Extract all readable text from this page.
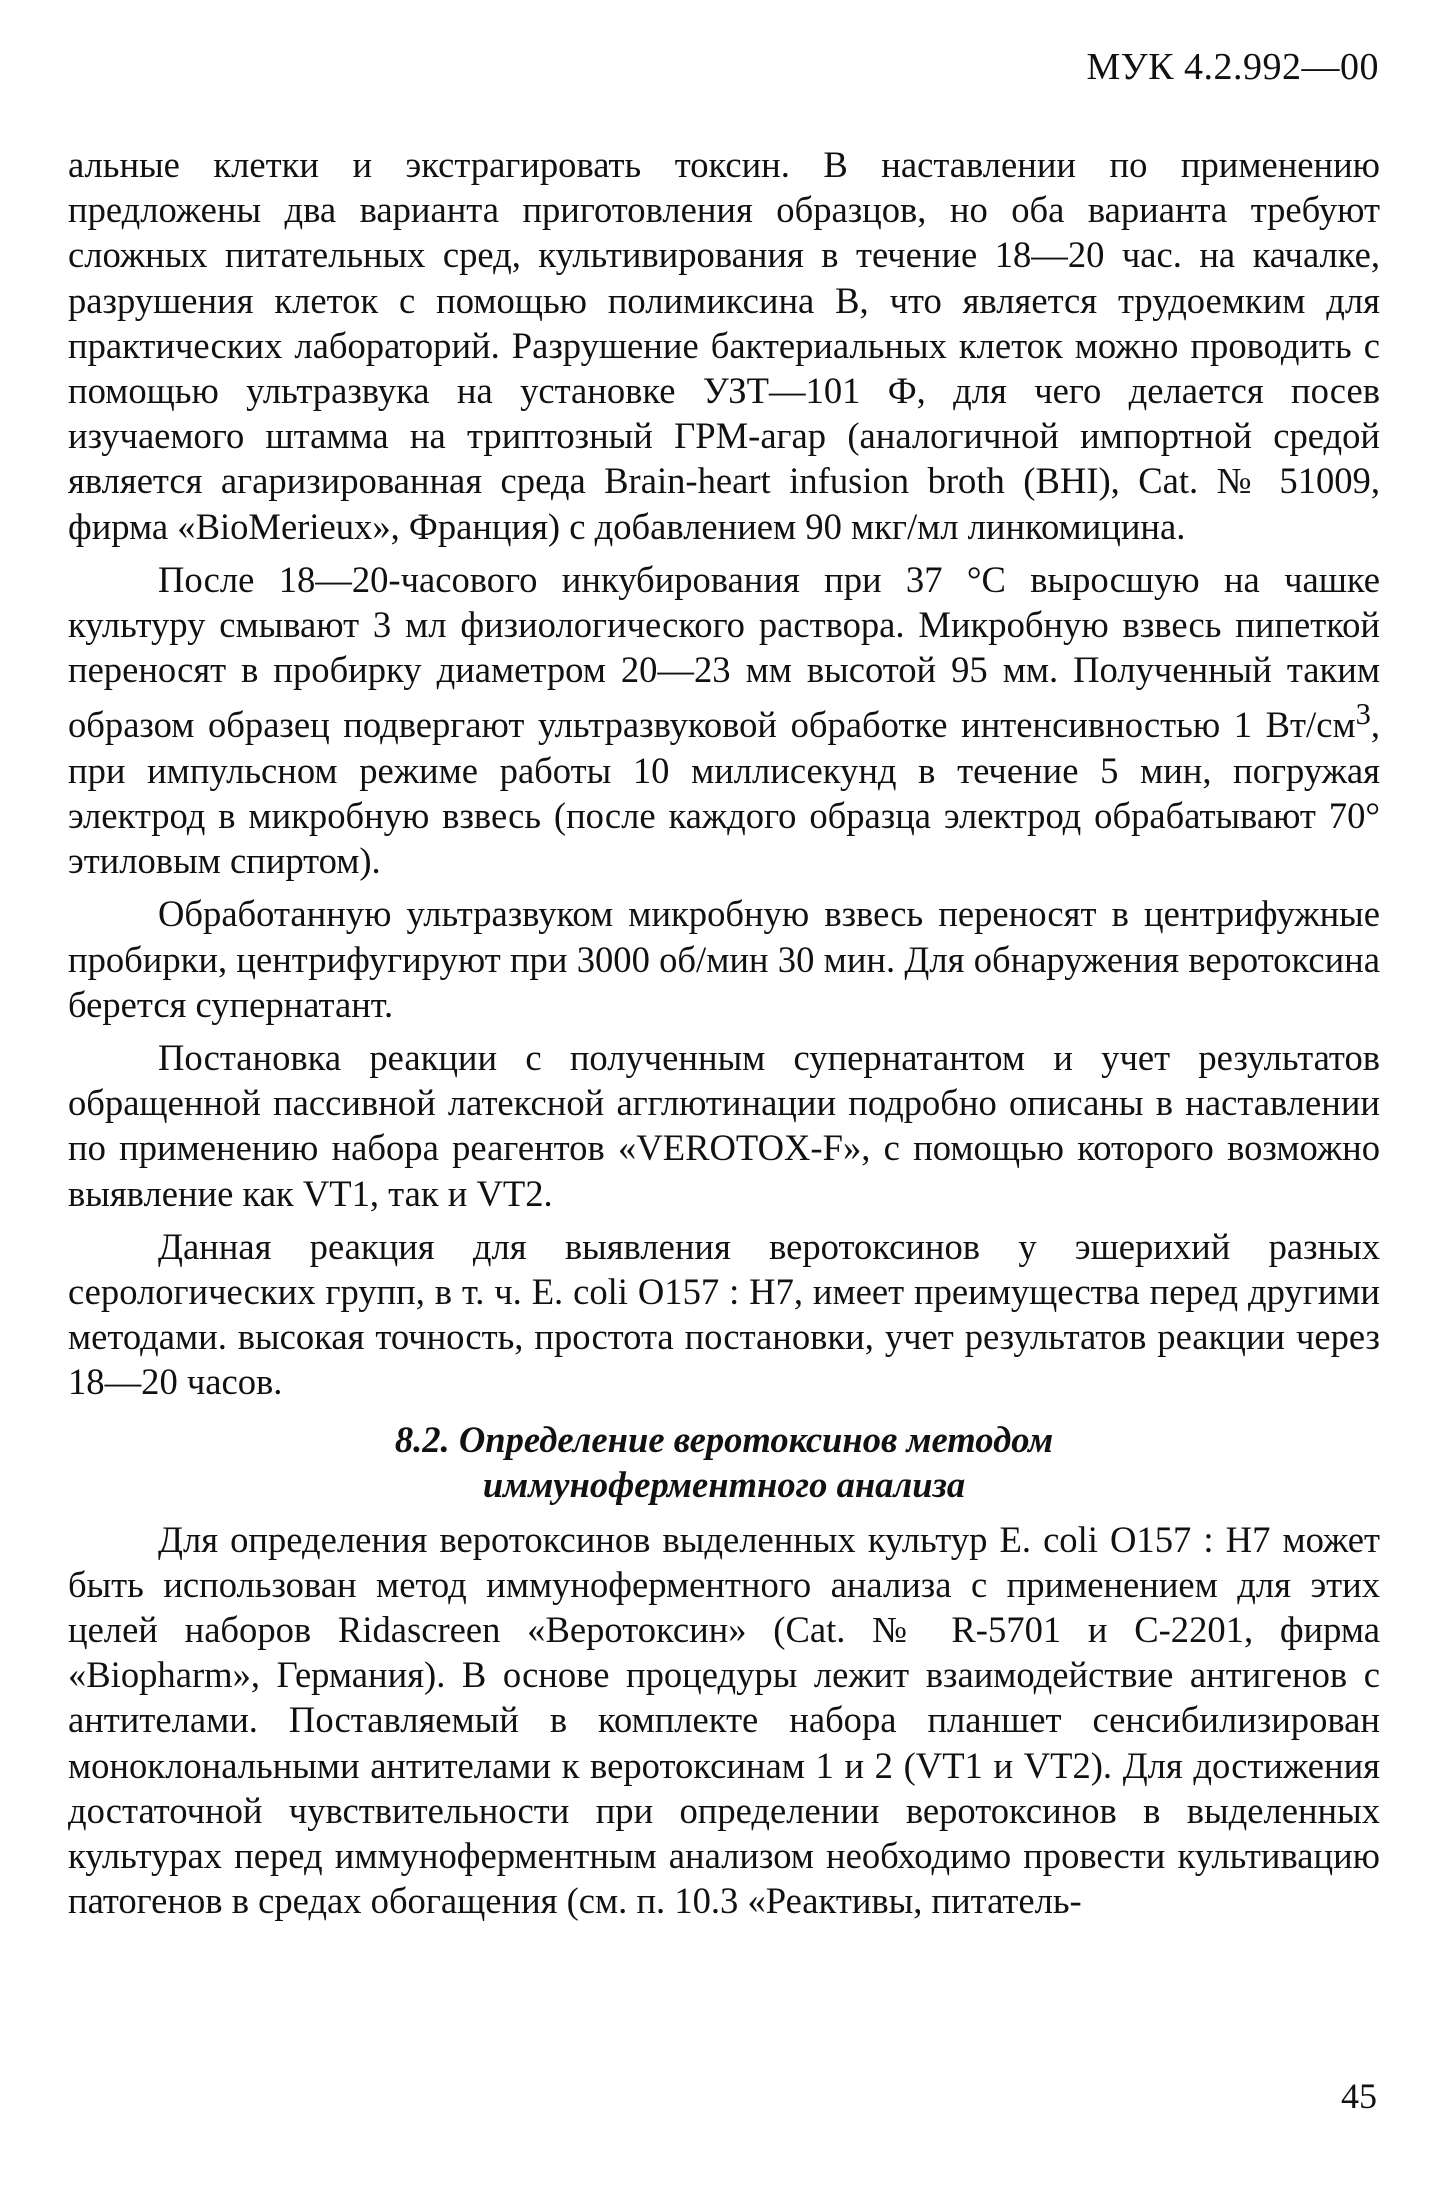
МУК 4.2.992—00

альные клетки и экстрагировать токсин. В наставлении по применению предложены два варианта приготовления образцов, но оба варианта требуют сложных питательных сред, культивирования в течение 18—20 час. на качалке, разрушения клеток с помощью полимиксина В, что является трудоемким для практических лабораторий. Разрушение бактериальных клеток можно проводить с помощью ультразвука на установке УЗТ—101 Ф, для чего делается посев изучаемого штамма на триптозный ГРМ-агар (аналогичной импортной средой является агаризированная среда Brain-heart infusion broth (BHI), Cat. № 51009, фирма «BioMerieux», Франция) с добавлением 90 мкг/мл линкомицина.

После 18—20-часового инкубирования при 37 °С выросшую на чашке культуру смывают 3 мл физиологического раствора. Микробную взвесь пипеткой переносят в пробирку диаметром 20—23 мм высотой 95 мм. Полученный таким образом образец подвергают ультразвуковой обработке интенсивностью 1 $Вт/см^3$, при импульсном режиме работы 10 миллисекунд в течение 5 мин, погружая электрод в микробную взвесь (после каждого образца электрод обрабатывают 70° этиловым спиртом).

Обработанную ультразвуком микробную взвесь переносят в центрифужные пробирки, центрифугируют при 3000 об/мин 30 мин. Для обнаружения веротоксина берется супернатант.

Постановка реакции с полученным супернатантом и учет результатов обращенной пассивной латексной агглютинации подробно описаны в наставлении по применению набора реагентов «VEROTOX-F», с помощью которого возможно выявление как VT1, так и VT2.

Данная реакция для выявления веротоксинов у эшерихий разных серологических групп, в т. ч. E. coli O157 : H7, имеет преимущества перед другими методами. высокая точность, простота постановки, учет результатов реакции через 18—20 часов.

8.2. Определение веротоксинов методом
иммуноферментного анализа

Для определения веротоксинов выделенных культур E. coli O157 : H7 может быть использован метод иммуноферментного анализа с применением для этих целей наборов Ridascreen «Веротоксин» (Cat. № R-5701 и C-2201, фирма «Biopharm», Германия). В основе процедуры лежит взаимодействие антигенов с антителами. Поставляемый в комплекте набора планшет сенсибилизирован моноклональными антителами к веротоксинам 1 и 2 (VT1 и VT2). Для достижения достаточной чувствительности при определении веротоксинов в выделенных культурах перед иммуноферментным анализом необходимо провести культивацию патогенов в средах обогащения (см. п. 10.3 «Реактивы, питатель-

45
